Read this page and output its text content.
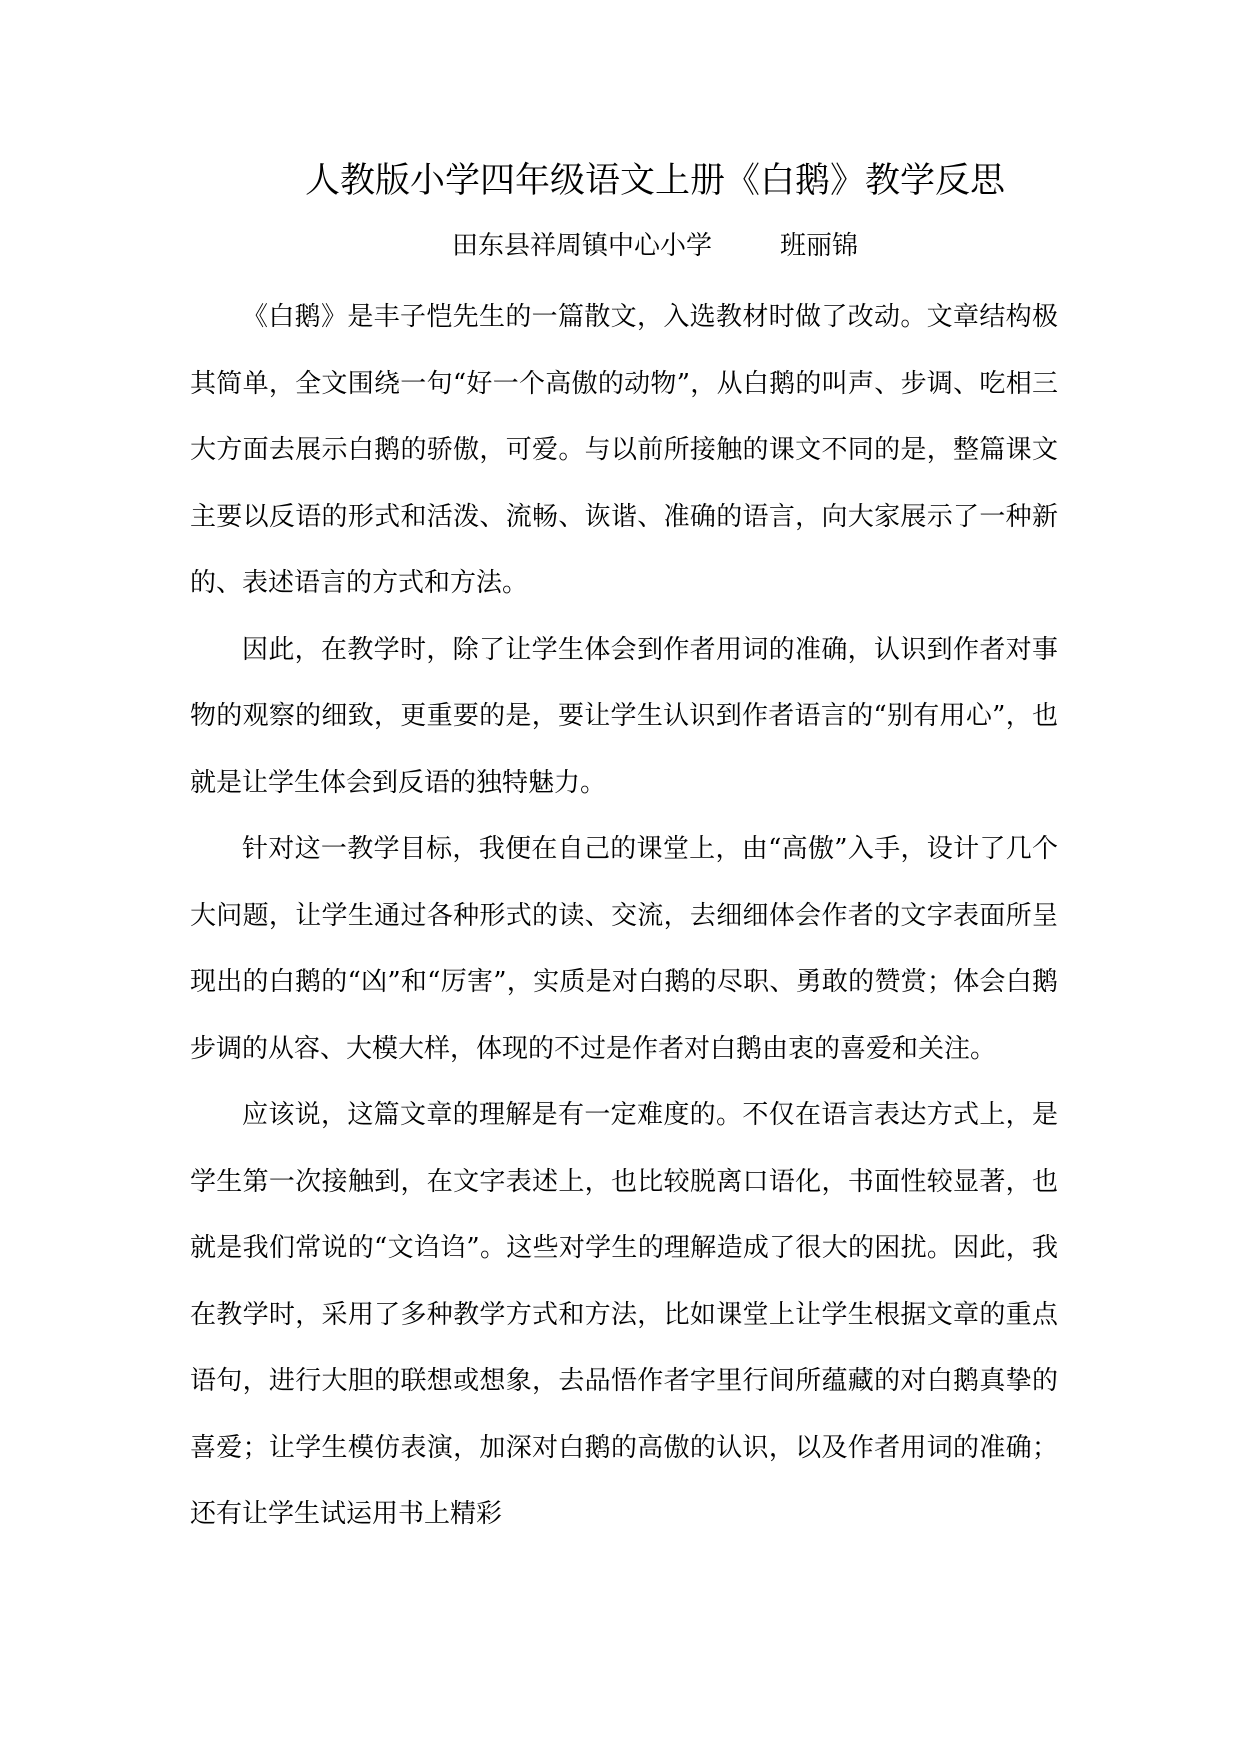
人教版小学四年级语文上册《白鹅》教学反思
田东县祥周镇中心小学	班丽锦

《白鹅》是丰子恺先生的一篇散文，入选教材时做了改动。文章结构极其简单，全文围绕一句“好一个高傲的动物”，从白鹅的叫声、步调、吃相三大方面去展示白鹅的骄傲，可爱。与以前所接触的课文不同的是，整篇课文主要以反语的形式和活泼、流畅、诙谐、准确的语言，向大家展示了一种新的、表述语言的方式和方法。

因此，在教学时，除了让学生体会到作者用词的准确，认识到作者对事物的观察的细致，更重要的是，要让学生认识到作者语言的“别有用心”，也就是让学生体会到反语的独特魅力。

针对这一教学目标，我便在自己的课堂上，由“高傲”入手，设计了几个大问题，让学生通过各种形式的读、交流，去细细体会作者的文字表面所呈现出的白鹅的“凶”和“厉害”，实质是对白鹅的尽职、勇敢的赞赏；体会白鹅步调的从容、大模大样，体现的不过是作者对白鹅由衷的喜爱和关注。

应该说，这篇文章的理解是有一定难度的。不仅在语言表达方式上，是学生第一次接触到，在文字表述上，也比较脱离口语化，书面性较显著，也就是我们常说的“文诌诌”。这些对学生的理解造成了很大的困扰。因此，我在教学时，采用了多种教学方式和方法，比如课堂上让学生根据文章的重点语句，进行大胆的联想或想象，去品悟作者字里行间所蕴藏的对白鹅真挚的喜爱；让学生模仿表演，加深对白鹅的高傲的认识，以及作者用词的准确；还有让学生试运用书上精彩
